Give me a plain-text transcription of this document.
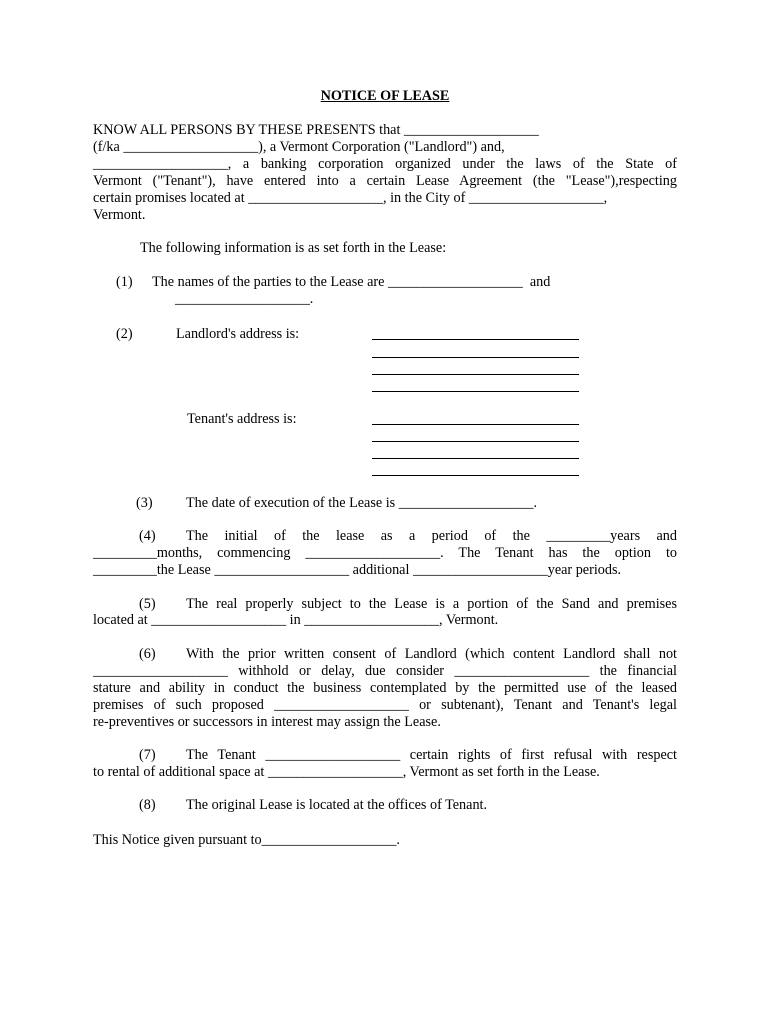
NOTICE OF LEASE
KNOW ALL PERSONS BY THESE PRESENTS that ___________________
(f/ka ___________________), a Vermont Corporation ("Landlord") and,
___________________, a banking corporation organized under the laws of the State of
Vermont ("Tenant"), have entered into a certain Lease Agreement (the "Lease"),respecting
certain promises located at ___________________, in the City of ___________________,
Vermont.
The following information is as set forth in the Lease:
(1) The names of the parties to the Lease are ___________________  and
___________________.
(2)	Landlord's address is:
Tenant's address is:
(3) The date of execution of the Lease is ___________________.
(4) The initial of the lease as a period of the _________years and
_________months, commencing ___________________. The Tenant has the option to
_________the Lease ___________________ additional ___________________year periods.
(5) The real properly subject to the Lease is a portion of the Sand and premises
located at ___________________ in ___________________, Vermont.
(6) With the prior written consent of Landlord (which content Landlord shall not
___________________ withhold or delay, due consider ___________________ the financial
stature and ability in conduct the business contemplated by the permitted use of the leased
premises of such proposed ___________________ or subtenant), Tenant and Tenant's legal
re-preventives or successors in interest may assign the Lease.
(7) The Tenant ___________________ certain rights of first refusal with respect
to rental of additional space at ___________________, Vermont as set forth in the Lease.
(8) The original Lease is located at the offices of Tenant.
This Notice given pursuant to___________________.
